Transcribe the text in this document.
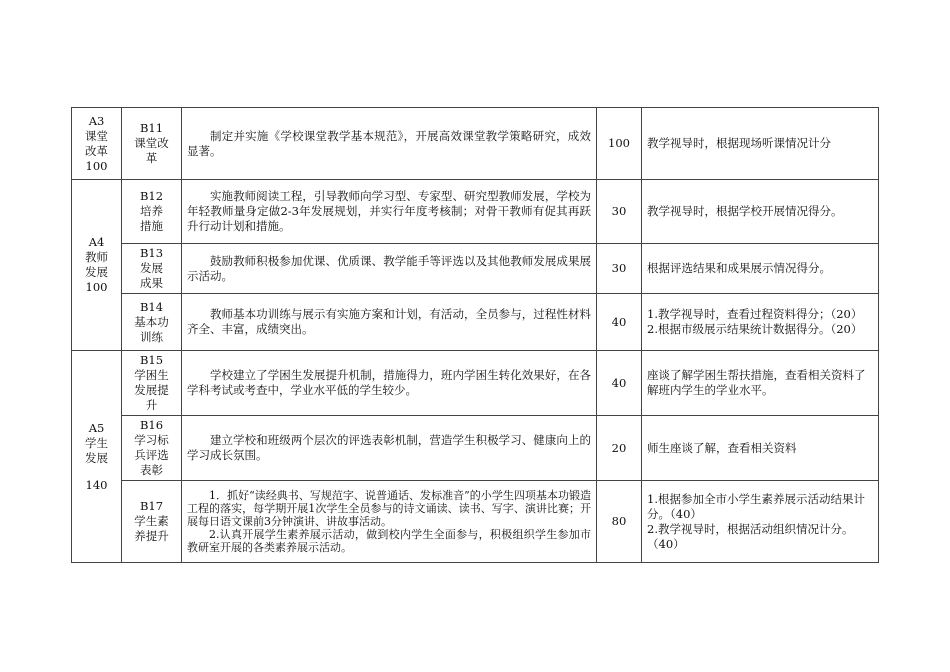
A3
课堂
改革
100	B11
课堂改
革	制定并实施《学校课堂教学基本规范》，开展高效课堂教学策略研究，成效显著。	100	教学视导时，根据现场听课情况计分

A4
教师
发展
100	B12
培养
措施	实施教师阅读工程，引导教师向学习型、专家型、研究型教师发展，学校为年轻教师量身定做2-3年发展规划，并实行年度考核制；对骨干教师有促其再跃升行动计划和措施。	30	教学视导时，根据学校开展情况得分。

	B13
发展
成果	鼓励教师积极参加优课、优质课、教学能手等评选以及其他教师发展成果展示活动。	30	根据评选结果和成果展示情况得分。

	B14
基本功
训练	教师基本功训练与展示有实施方案和计划，有活动，全员参与，过程性材料齐全、丰富，成绩突出。	40	1.教学视导时，查看过程资料得分；（20）
2.根据市级展示结果统计数据得分。（20）

A5
学生
发展
140	B15
学困生
发展提
升	学校建立了学困生发展提升机制，措施得力，班内学困生转化效果好，在各学科考试或考查中，学业水平低的学生较少。	40	座谈了解学困生帮扶措施，查看相关资料了解班内学生的学业水平。

	B16
学习标
兵评选
表彰	建立学校和班级两个层次的评选表彰机制，营造学生积极学习、健康向上的学习成长氛围。	20	师生座谈了解，查看相关资料

	B17
学生素
养提升	1．抓好“读经典书、写规范字、说普通话、发标准音”的小学生四项基本功锻造工程的落实，每学期开展1次学生全员参与的诗文诵读、读书、写字、演讲比赛；开展每日语文课前3分钟演讲、讲故事活动。
2.认真开展学生素养展示活动，做到校内学生全面参与，积极组织学生参加市教研室开展的各类素养展示活动。	80	1.根据参加全市小学生素养展示活动结果计分。（40）
2.教学视导时，根据活动组织情况计分。（40）
